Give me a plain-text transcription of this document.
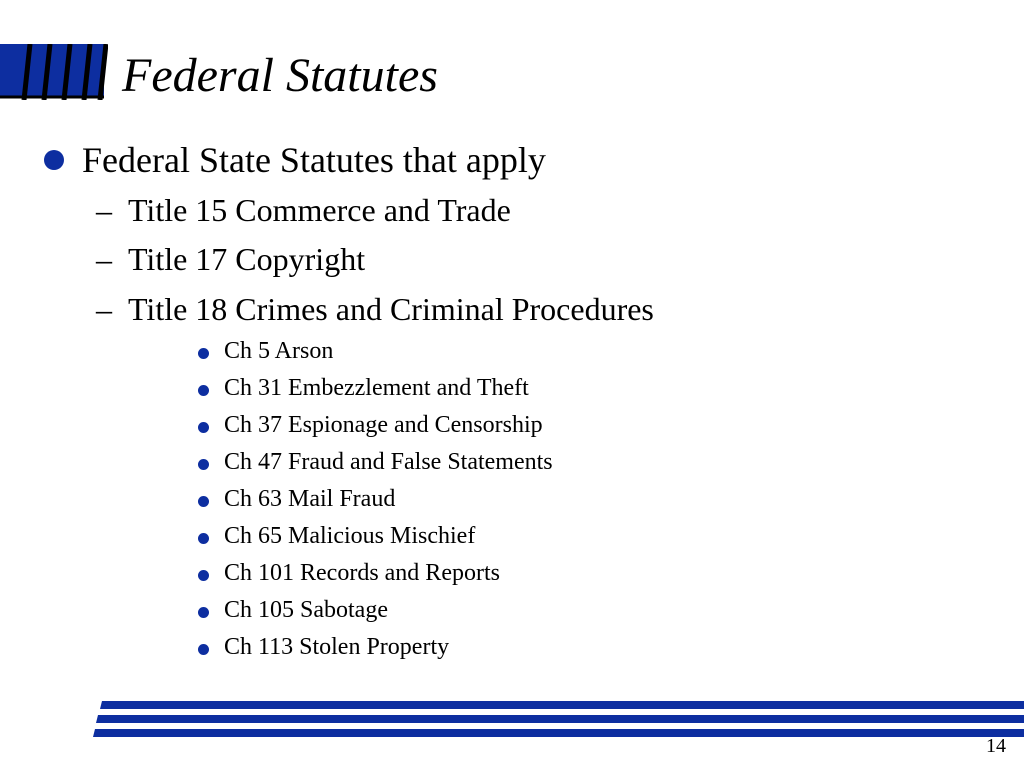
Federal Statutes
Federal State Statutes that apply
– Title 15 Commerce and Trade
– Title 17 Copyright
– Title 18 Crimes and Criminal Procedures
Ch 5 Arson
Ch 31 Embezzlement and Theft
Ch 37 Espionage and Censorship
Ch 47 Fraud and False Statements
Ch 63 Mail Fraud
Ch 65 Malicious Mischief
Ch 101 Records and Reports
Ch 105 Sabotage
Ch 113 Stolen Property
14
